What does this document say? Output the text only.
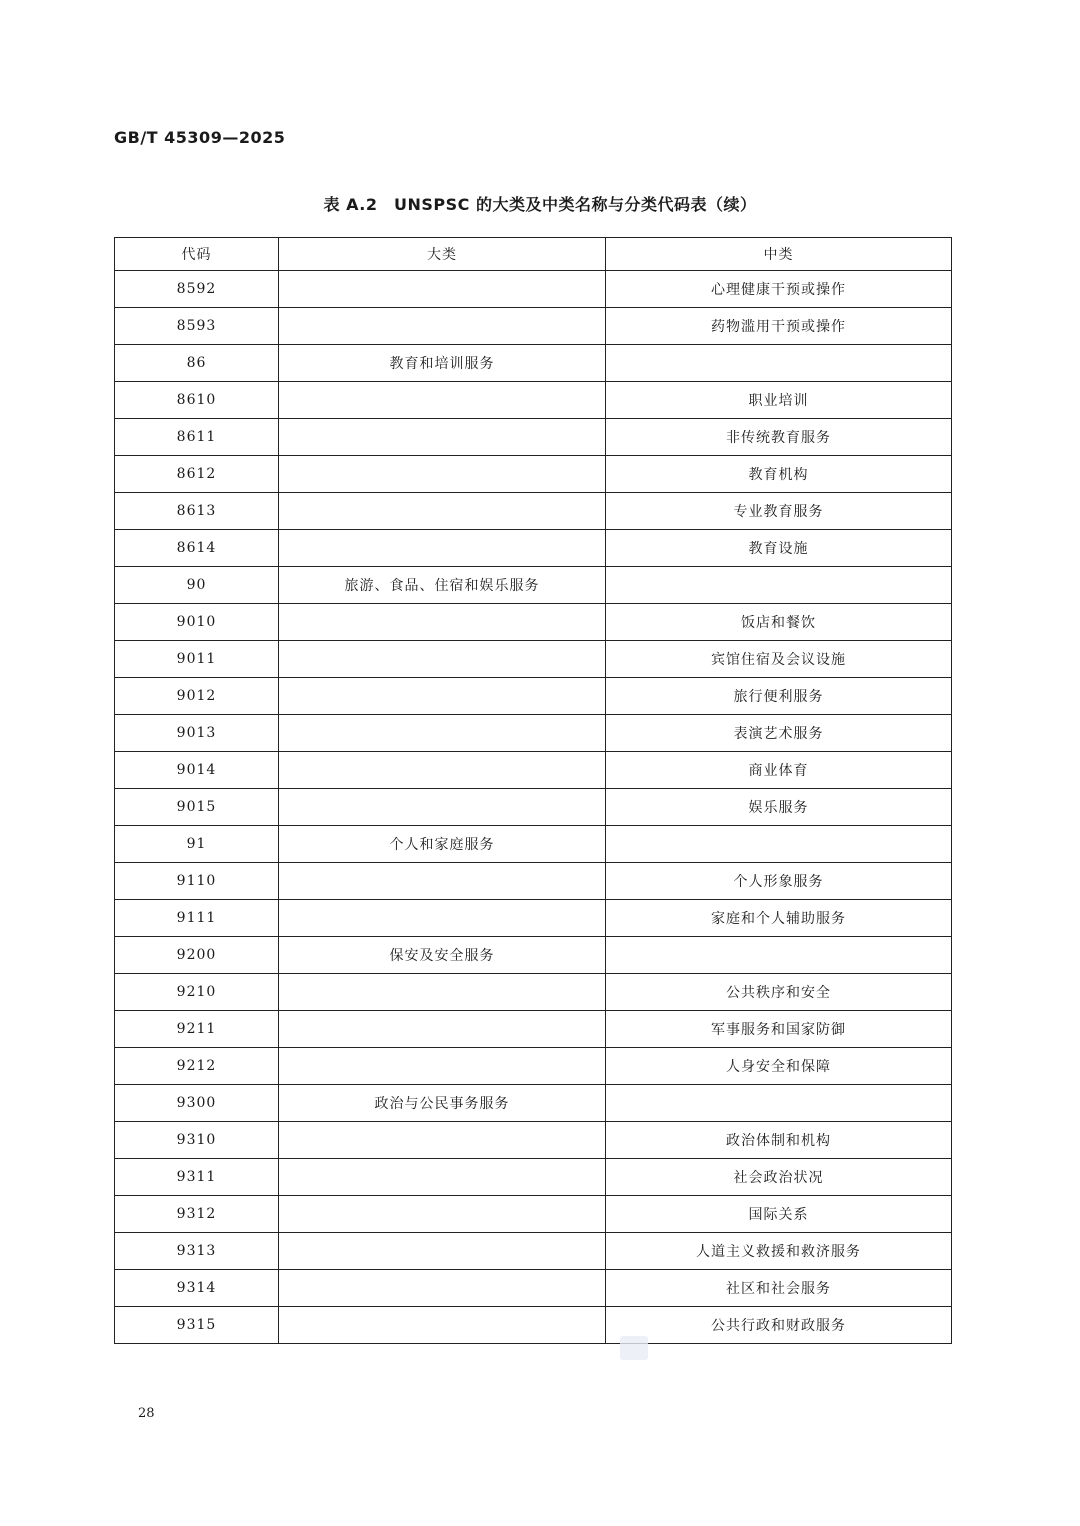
GB/T 45309—2025
表 A.2　UNSPSC 的大类及中类名称与分类代码表（续）
代码	大类	中类
8592		心理健康干预或操作
8593		药物滥用干预或操作
86	教育和培训服务	
8610		职业培训
8611		非传统教育服务
8612		教育机构
8613		专业教育服务
8614		教育设施
90	旅游、食品、住宿和娱乐服务	
9010		饭店和餐饮
9011		宾馆住宿及会议设施
9012		旅行便利服务
9013		表演艺术服务
9014		商业体育
9015		娱乐服务
91	个人和家庭服务	
9110		个人形象服务
9111		家庭和个人辅助服务
9200	保安及安全服务	
9210		公共秩序和安全
9211		军事服务和国家防御
9212		人身安全和保障
9300	政治与公民事务服务	
9310		政治体制和机构
9311		社会政治状况
9312		国际关系
9313		人道主义救援和救济服务
9314		社区和社会服务
9315		公共行政和财政服务
28
